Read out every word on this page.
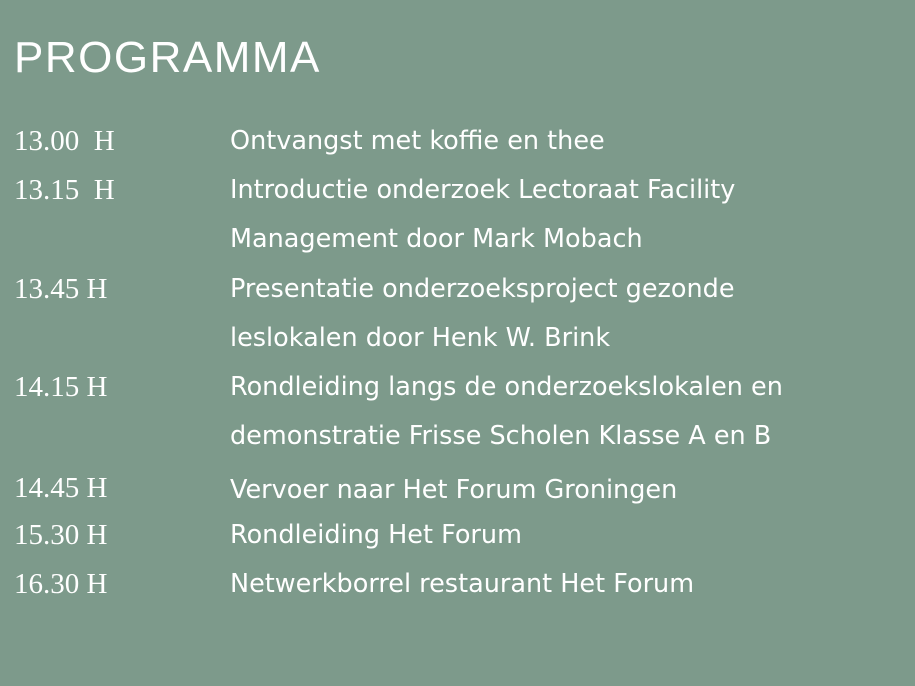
PROGRAMMA
13.00  H	Ontvangst met koffie en thee
13.15  H	Introductie onderzoek Lectoraat Facility
Management door Mark Mobach
13.45 H	Presentatie onderzoeksproject gezonde
leslokalen door Henk W. Brink
14.15 H	Rondleiding langs de onderzoekslokalen en
demonstratie Frisse Scholen Klasse A en B
14.45 H	Vervoer naar Het Forum Groningen
15.30 H	Rondleiding Het Forum
16.30 H	Netwerkborrel restaurant Het Forum
